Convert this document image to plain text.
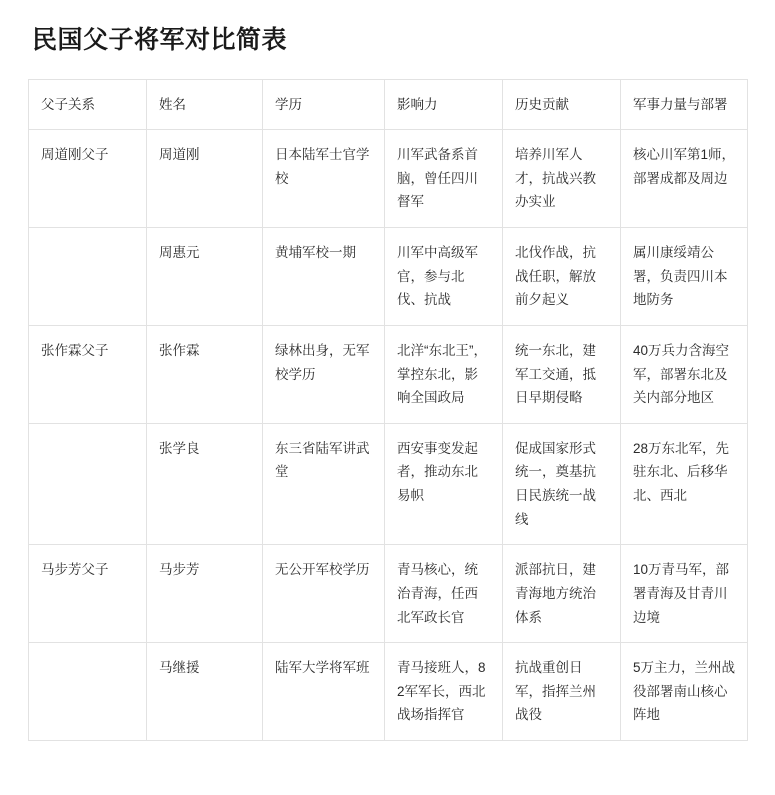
民国父子将军对比简表
父子关系	姓名	学历	影响力	历史贡献	军事力量与部署
周道刚父子	周道刚	日本陆军士官学校	川军武备系首脑，曾任四川督军	培养川军人才，抗战兴教办实业	核心川军第1师，部署成都及周边
	周惠元	黄埔军校一期	川军中高级军官，参与北伐、抗战	北伐作战，抗战任职，解放前夕起义	属川康绥靖公署，负责四川本地防务
张作霖父子	张作霖	绿林出身，无军校学历	北洋“东北王”，掌控东北，影响全国政局	统一东北，建军工交通，抵日早期侵略	40万兵力含海空军，部署东北及关内部分地区
	张学良	东三省陆军讲武堂	西安事变发起者，推动东北易帜	促成国家形式统一，奠基抗日民族统一战线	28万东北军，先驻东北、后移华北、西北
马步芳父子	马步芳	无公开军校学历	青马核心，统治青海，任西北军政长官	派部抗日，建青海地方统治体系	10万青马军，部署青海及甘青川边境
	马继援	陆军大学将军班	青马接班人，82军军长，西北战场指挥官	抗战重创日军，指挥兰州战役	5万主力，兰州战役部署南山核心阵地
